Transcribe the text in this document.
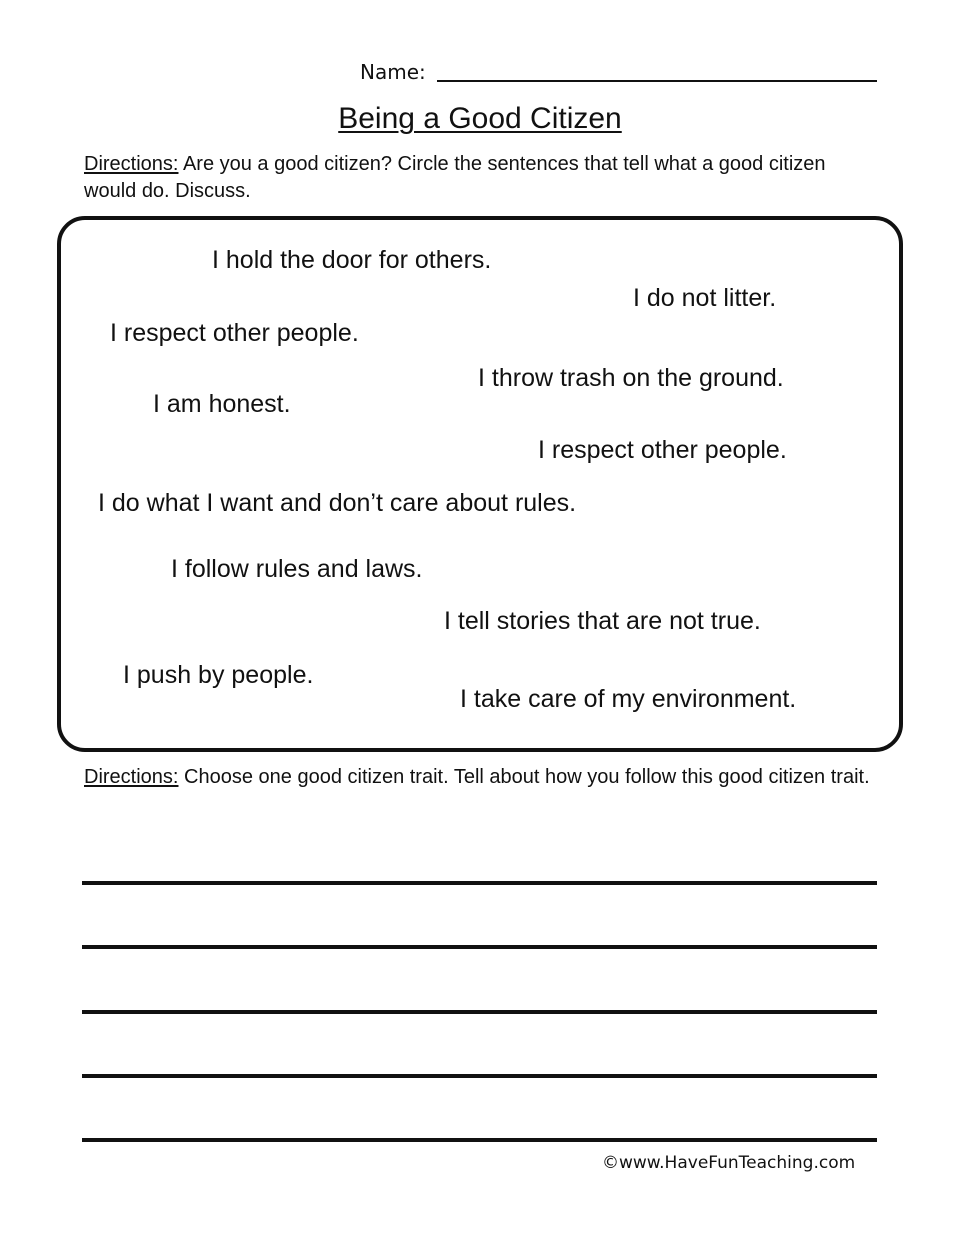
Name:
Being a Good Citizen
Directions: Are you a good citizen? Circle the sentences that tell what a good citizen would do. Discuss.
I hold the door for others.
I do not litter.
I respect other people.
I throw trash on the ground.
I am honest.
I respect other people.
I do what I want and don’t care about rules.
I follow rules and laws.
I tell stories that are not true.
I push by people.
I take care of my environment.
Directions: Choose one good citizen trait. Tell about how you follow this good citizen trait.
©www.HaveFunTeaching.com
